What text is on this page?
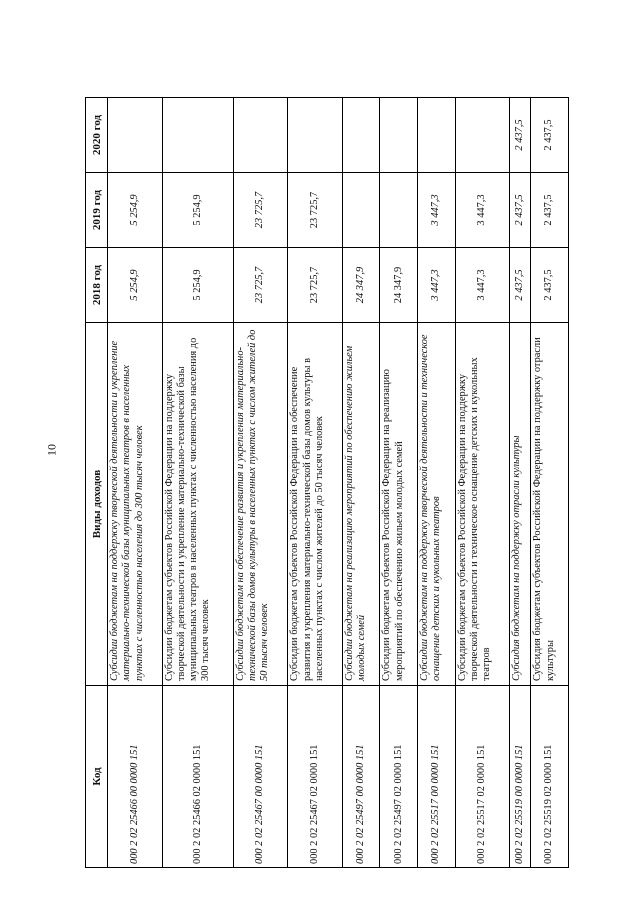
10
Код	Виды доходов	2018 год	2019 год	2020 год
000 2 02 25466 00 0000 151	Субсидии бюджетам на поддержку творческой деятельности и укрепление материально-технической базы муниципальных театров в населенных пунктах с численностью населения до 300 тысяч человек	5 254,9	5 254,9	
000 2 02 25466 02 0000 151	Субсидии бюджетам субъектов Российской Федерации на поддержку творческой деятельности и укрепление материально-технической базы муниципальных театров в населенных пунктах с численностью населения до 300 тысяч человек	5 254,9	5 254,9	
000 2 02 25467 00 0000 151	Субсидии бюджетам на обеспечение развития и укрепления материально-технической базы домов культуры в населенных пунктах с числом жителей до 50 тысяч человек	23 725,7	23 725,7	
000 2 02 25467 02 0000 151	Субсидии бюджетам субъектов Российской Федерации на обеспечение развития и укрепления материально-технической базы домов культуры в населенных пунктах с числом жителей до 50 тысяч человек	23 725,7	23 725,7	
000 2 02 25497 00 0000 151	Субсидии бюджетам на реализацию мероприятий по обеспечению жильем молодых семей	24 347,9		
000 2 02 25497 02 0000 151	Субсидии бюджетам субъектов Российской Федерации на реализацию мероприятий по обеспечению жильем молодых семей	24 347,9		
000 2 02 25517 00 0000 151	Субсидии бюджетам на поддержку творческой деятельности и техническое оснащение детских и кукольных театров	3 447,3	3 447,3	
000 2 02 25517 02 0000 151	Субсидии бюджетам субъектов Российской Федерации на поддержку творческой деятельности и техническое оснащение детских и кукольных театров	3 447,3	3 447,3	
000 2 02 25519 00 0000 151	Субсидия бюджетам на поддержку отрасли культуры	2 437,5	2 437,5	2 437,5
000 2 02 25519 02 0000 151	Субсидия бюджетам субъектов Российской Федерации на поддержку отрасли культуры	2 437,5	2 437,5	2 437,5
